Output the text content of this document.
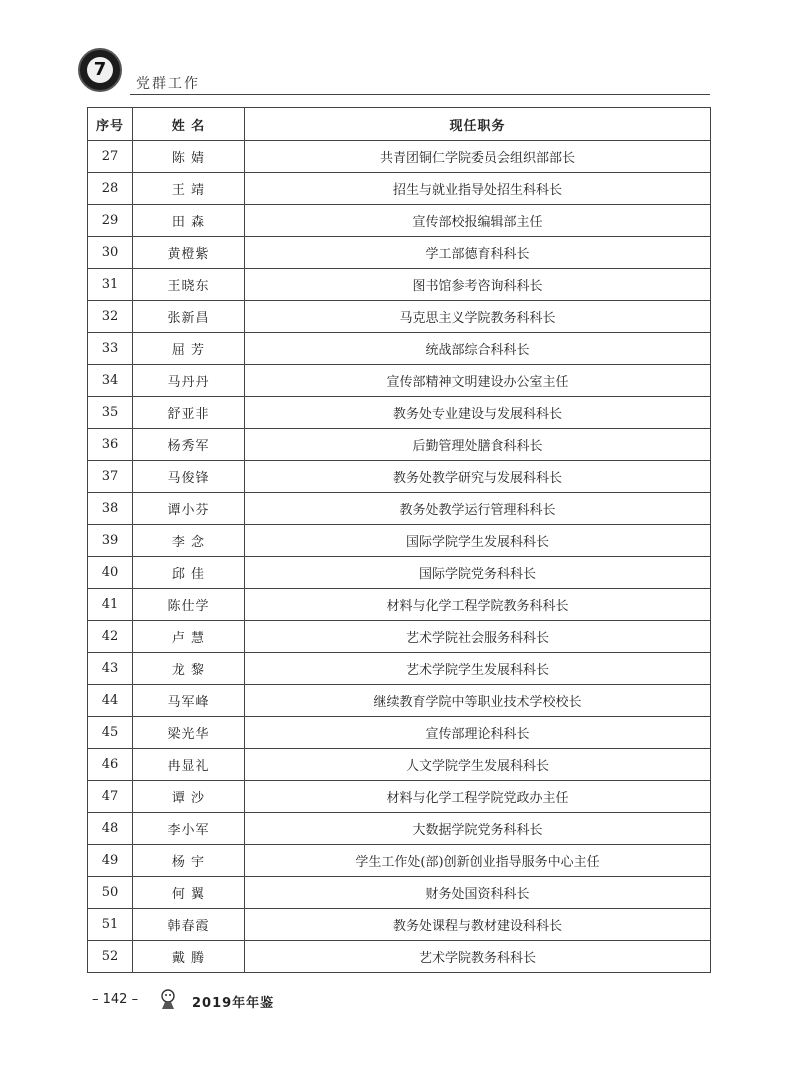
7
党群工作
序号	姓 名	现任职务
27	陈 婧	共青团铜仁学院委员会组织部部长
28	王 靖	招生与就业指导处招生科科长
29	田 森	宣传部校报编辑部主任
30	黄橙紫	学工部德育科科长
31	王晓东	图书馆参考咨询科科长
32	张新昌	马克思主义学院教务科科长
33	屈 芳	统战部综合科科长
34	马丹丹	宣传部精神文明建设办公室主任
35	舒亚非	教务处专业建设与发展科科长
36	杨秀军	后勤管理处膳食科科长
37	马俊锋	教务处教学研究与发展科科长
38	谭小芬	教务处教学运行管理科科长
39	李 念	国际学院学生发展科科长
40	邱 佳	国际学院党务科科长
41	陈仕学	材料与化学工程学院教务科科长
42	卢 慧	艺术学院社会服务科科长
43	龙 黎	艺术学院学生发展科科长
44	马军峰	继续教育学院中等职业技术学校校长
45	梁光华	宣传部理论科科长
46	冉显礼	人文学院学生发展科科长
47	谭 沙	材料与化学工程学院党政办主任
48	李小军	大数据学院党务科科长
49	杨 宇	学生工作处(部)创新创业指导服务中心主任
50	何 翼	财务处国资科科长
51	韩春霞	教务处课程与教材建设科科长
52	戴 腾	艺术学院教务科科长
– 142 –	2019年年鉴
